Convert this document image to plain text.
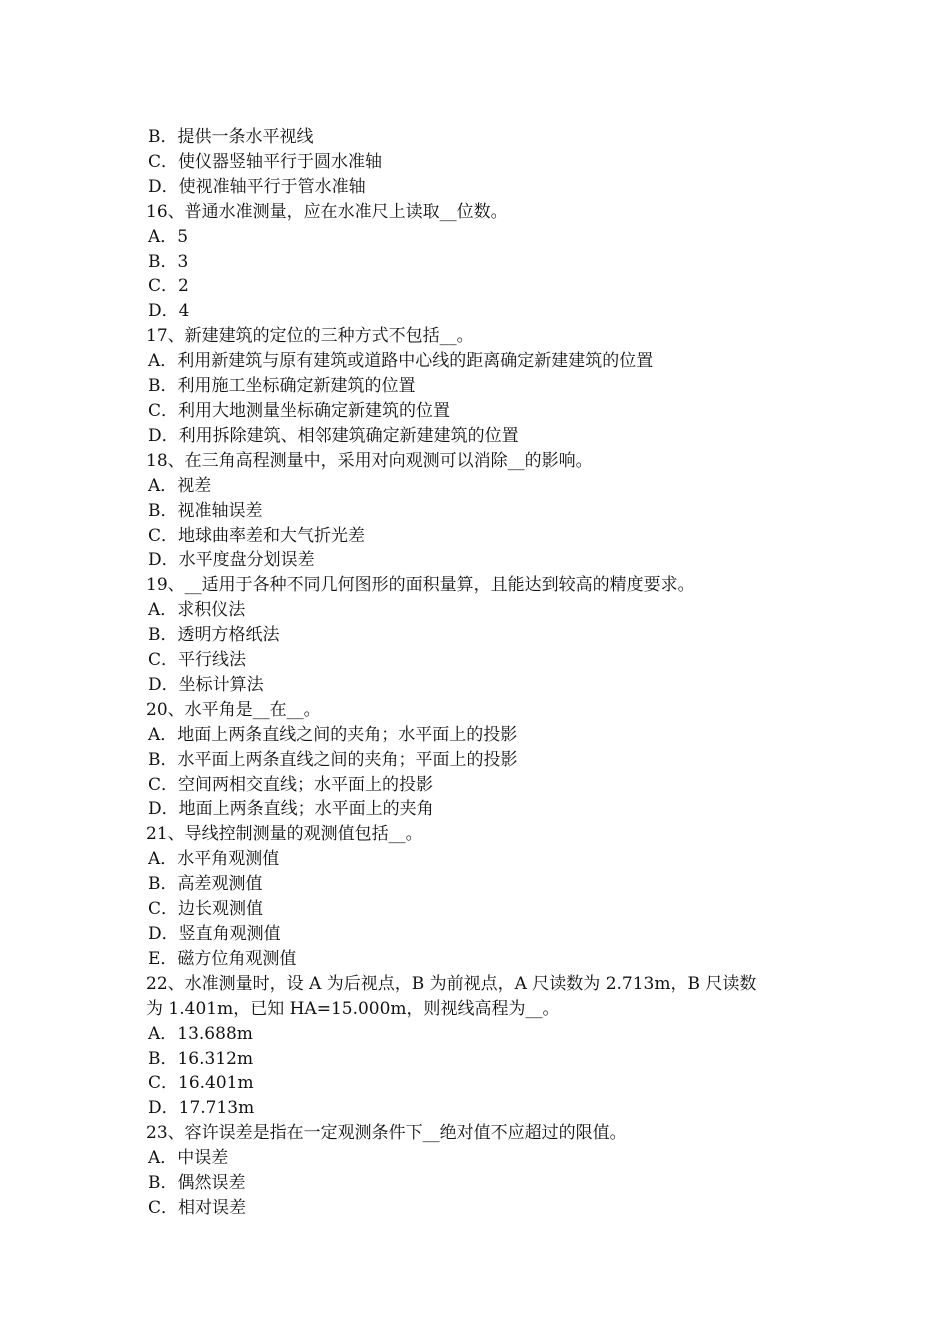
B．提供一条水平视线
C．使仪器竖轴平行于圆水准轴
D．使视准轴平行于管水准轴
16、普通水准测量，应在水准尺上读取__位数。
A．5
B．3
C．2
D．4
17、新建建筑的定位的三种方式不包括__。
A．利用新建筑与原有建筑或道路中心线的距离确定新建建筑的位置
B．利用施工坐标确定新建筑的位置
C．利用大地测量坐标确定新建筑的位置
D．利用拆除建筑、相邻建筑确定新建建筑的位置
18、在三角高程测量中，采用对向观测可以消除__的影响。
A．视差
B．视准轴误差
C．地球曲率差和大气折光差
D．水平度盘分划误差
19、__适用于各种不同几何图形的面积量算，且能达到较高的精度要求。
A．求积仪法
B．透明方格纸法
C．平行线法
D．坐标计算法
20、水平角是__在__。
A．地面上两条直线之间的夹角；水平面上的投影
B．水平面上两条直线之间的夹角；平面上的投影
C．空间两相交直线；水平面上的投影
D．地面上两条直线；水平面上的夹角
21、导线控制测量的观测值包括__。
A．水平角观测值
B．高差观测值
C．边长观测值
D．竖直角观测值
E．磁方位角观测值
22、水准测量时，设 A 为后视点，B 为前视点，A 尺读数为 2.713m，B 尺读数
为 1.401m，已知 HA=15.000m，则视线高程为__。
A．13.688m
B．16.312m
C．16.401m
D．17.713m
23、容许误差是指在一定观测条件下__绝对值不应超过的限值。
A．中误差
B．偶然误差
C．相对误差
